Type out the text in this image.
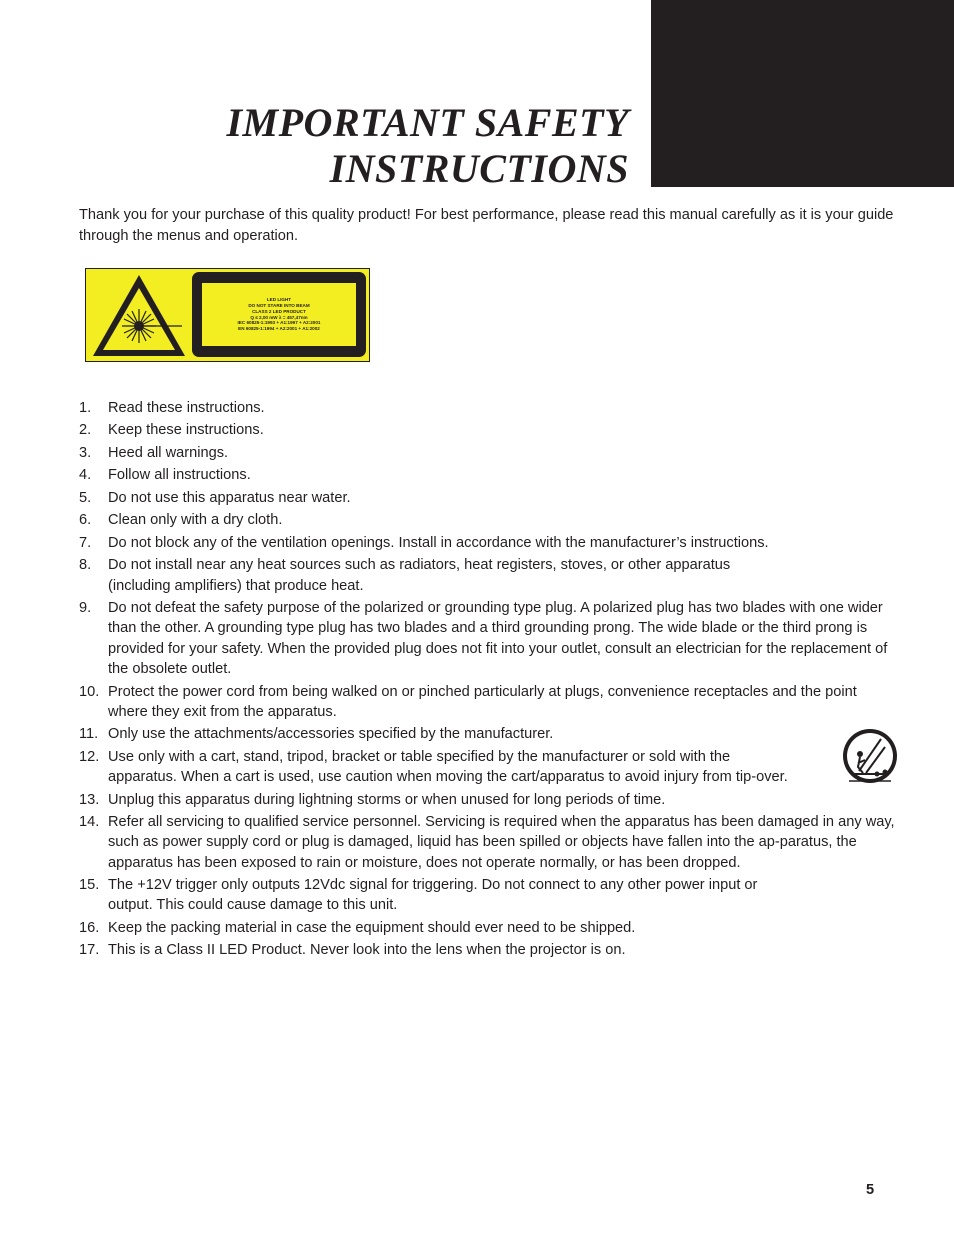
IMPORTANT SAFETY
INSTRUCTIONS

Thank you for your purchase of this quality product! For best performance, please read this manual carefully as it is your guide through the menus and operation.

LED LIGHT
DO NOT STARE INTO BEAM
CLASS 2 LED PRODUCT
Q ≤ 2,00 mW λ = 457,47nm
IEC 60825-1:1993 + A1:1997 + A2:2001
EN 60825-1:1994 + A2:2001 + A1:2002
1. Read these instructions.
2. Keep these instructions.
3. Heed all warnings.
4. Follow all instructions.
5. Do not use this apparatus near water.
6. Clean only with a dry cloth.
7. Do not block any of the ventilation openings. Install in accordance with the manufacturer’s instructions.
8. Do not install near any heat sources such as radiators, heat registers, stoves, or other apparatus (including amplifiers) that produce heat.
9. Do not defeat the safety purpose of the polarized or grounding type plug. A polarized plug has two blades with one wider than the other. A grounding type plug has two blades and a third grounding prong. The wide blade or the third prong is provided for your safety. When the provided plug does not fit into your outlet, consult an electrician for the replacement of the obsolete outlet.
10. Protect the power cord from being walked on or pinched particularly at plugs, convenience receptacles and the point where they exit from the apparatus.
11. Only use the attachments/accessories specified by the manufacturer.
12. Use only with a cart, stand, tripod, bracket or table specified by the manufacturer or sold with the apparatus. When a cart is used, use caution when moving the cart/apparatus to avoid injury from tip-over.
13. Unplug this apparatus during lightning storms or when unused for long periods of time.
14. Refer all servicing to qualified service personnel. Servicing is required when the apparatus has been damaged in any way, such as power supply cord or plug is damaged, liquid has been spilled or objects have fallen into the ap-paratus, the apparatus has been exposed to rain or moisture, does not operate normally, or has been dropped.
15. The +12V trigger only outputs 12Vdc signal for triggering. Do not connect to any other power input or output. This could cause damage to this unit.
16. Keep the packing material in case the equipment should ever need to be shipped.
17. This is a Class II LED Product. Never look into the lens when the projector is on.
5
